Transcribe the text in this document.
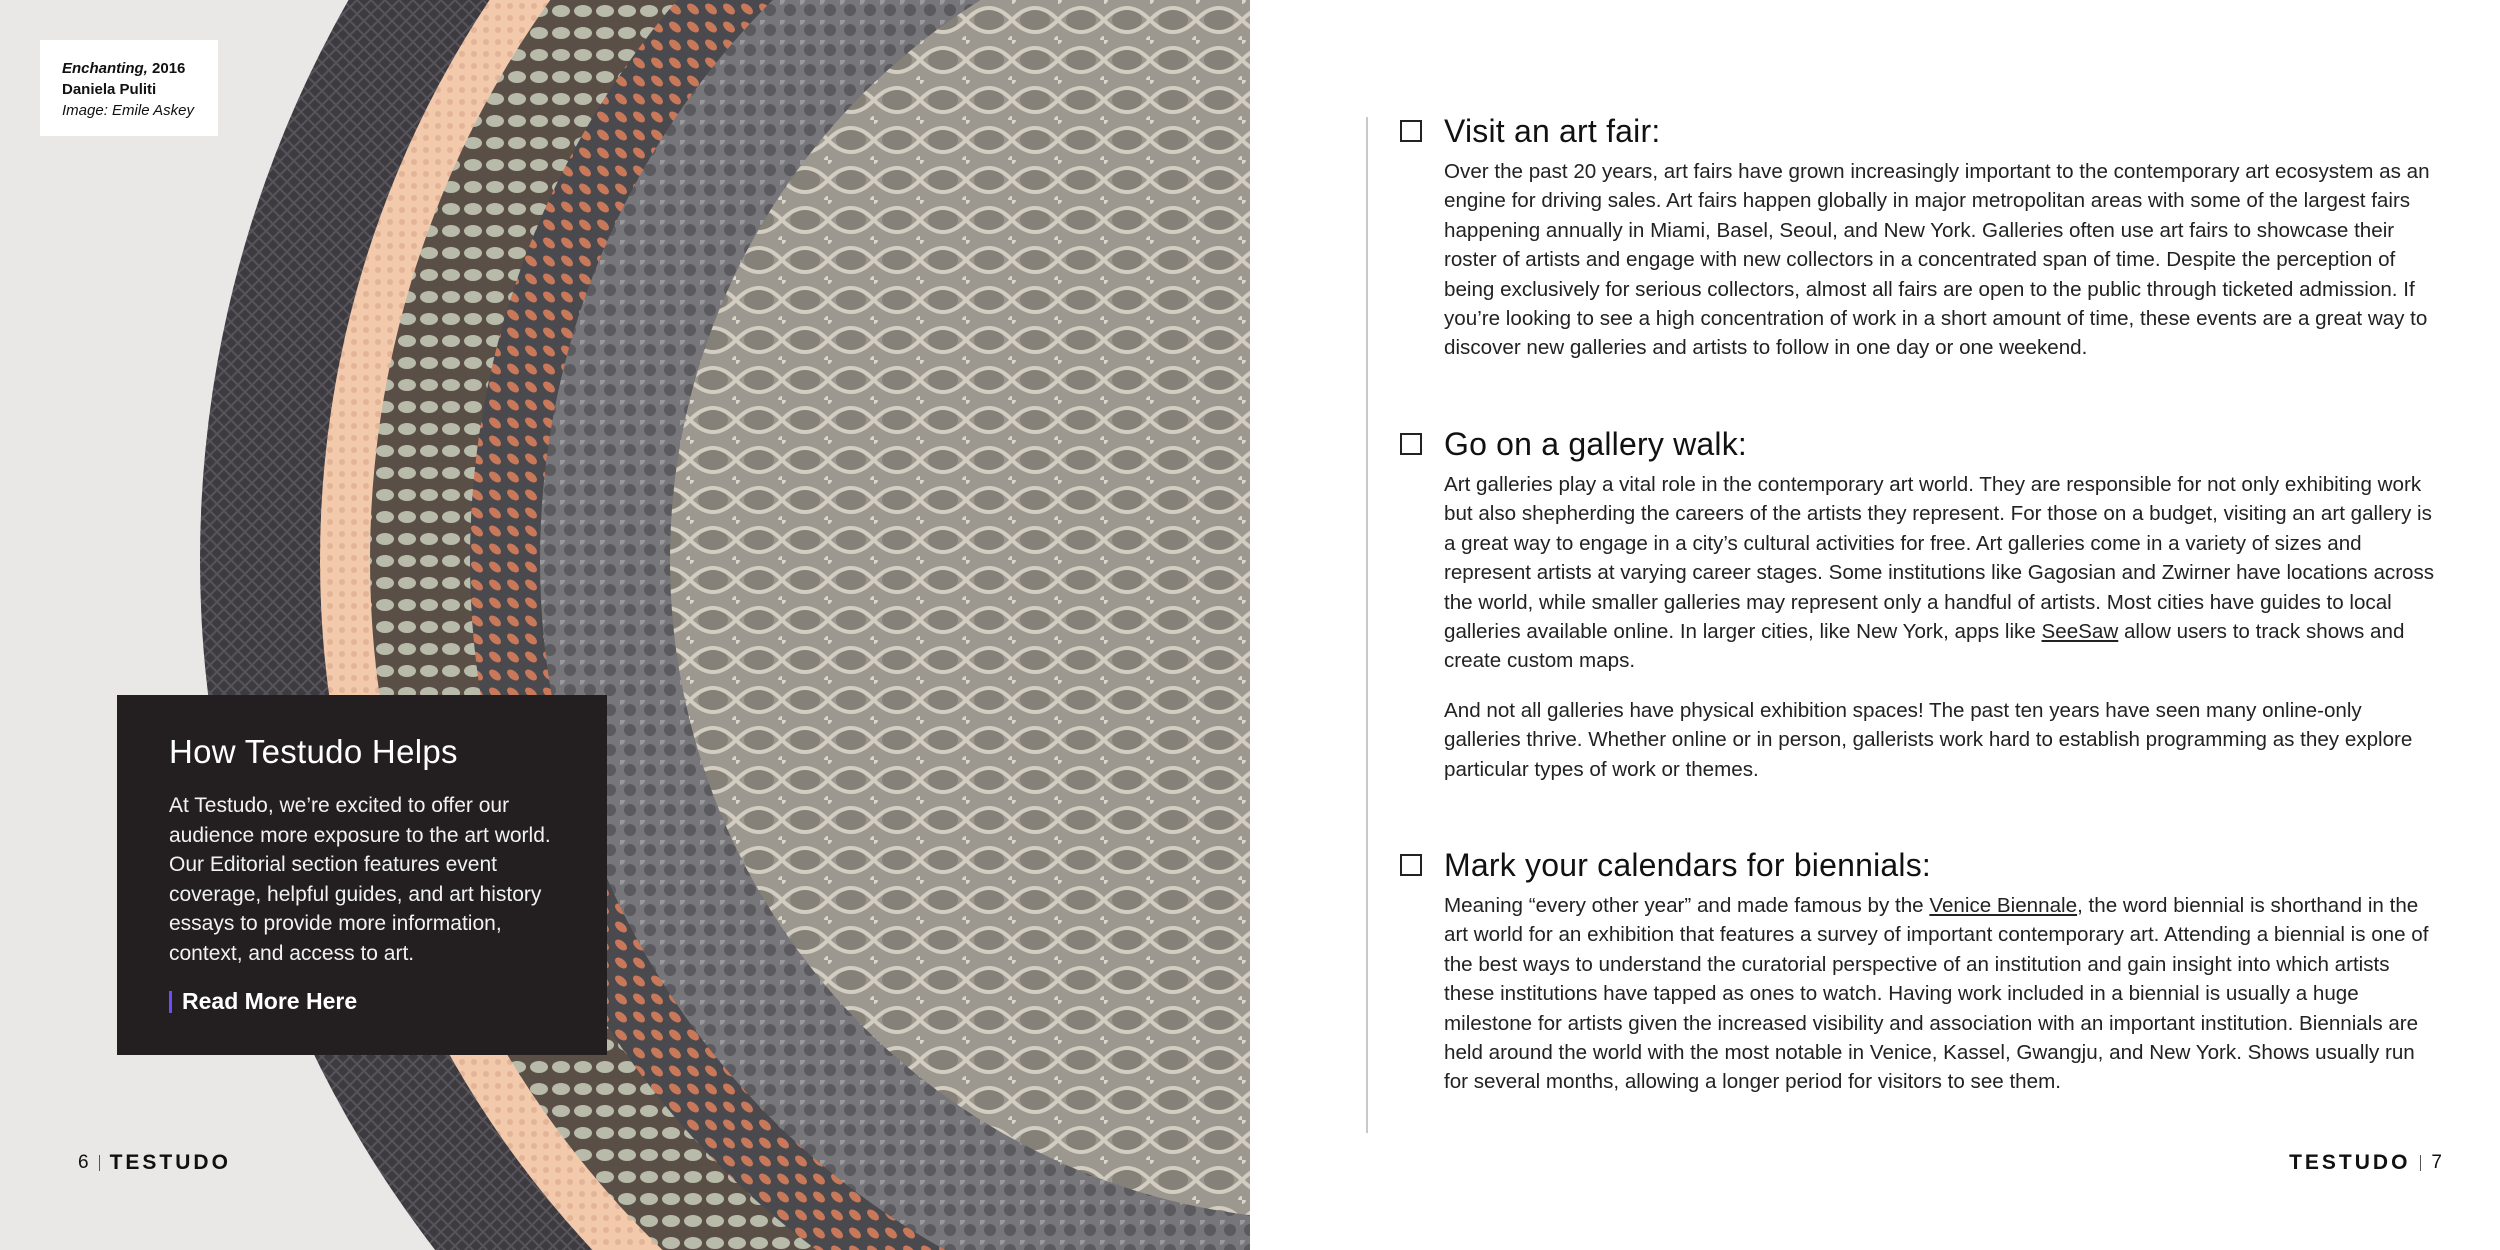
Enchanting, 2016
Daniela Puliti
Image: Emile Askey
How Testudo Helps

At Testudo, we’re excited to offer our audience more exposure to the art world. Our Editorial section features event coverage, helpful guides, and art history essays to provide more information, context, and access to art.

Read More Here
6 TESTUDO
Visit an art fair:

Over the past 20 years, art fairs have grown increasingly important to the contemporary art ecosystem as an engine for driving sales. Art fairs happen globally in major metropolitan areas with some of the largest fairs happening annually in Miami, Basel, Seoul, and New York. Galleries often use art fairs to showcase their roster of artists and engage with new collectors in a concentrated span of time. Despite the perception of being exclusively for serious collectors, almost all fairs are open to the public through ticketed admission. If you’re looking to see a high concentration of work in a short amount of time, these events are a great way to discover new galleries and artists to follow in one day or one weekend.

Go on a gallery walk:

Art galleries play a vital role in the contemporary art world. They are responsible for not only exhibiting work but also shepherding the careers of the artists they represent. For those on a budget, visiting an art gallery is a great way to engage in a city’s cultural activities for free. Art galleries come in a variety of sizes and represent artists at varying career stages. Some institutions like Gagosian and Zwirner have locations across the world, while smaller galleries may represent only a handful of artists. Most cities have guides to local galleries available online. In larger cities, like New York, apps like SeeSaw allow users to track shows and create custom maps.

And not all galleries have physical exhibition spaces! The past ten years have seen many online-only galleries thrive. Whether online or in person, gallerists work hard to establish programming as they explore particular types of work or themes.

Mark your calendars for biennials:

Meaning “every other year” and made famous by the Venice Biennale, the word biennial is shorthand in the art world for an exhibition that features a survey of important contemporary art. Attending a biennial is one of the best ways to understand the curatorial perspective of an institution and gain insight into which artists these institutions have tapped as ones to watch. Having work included in a biennial is usually a huge milestone for artists given the increased visibility and association with an important institution. Biennials are held around the world with the most notable in Venice, Kassel, Gwangju, and New York. Shows usually run for several months, allowing a longer period for visitors to see them.

TESTUDO 7
